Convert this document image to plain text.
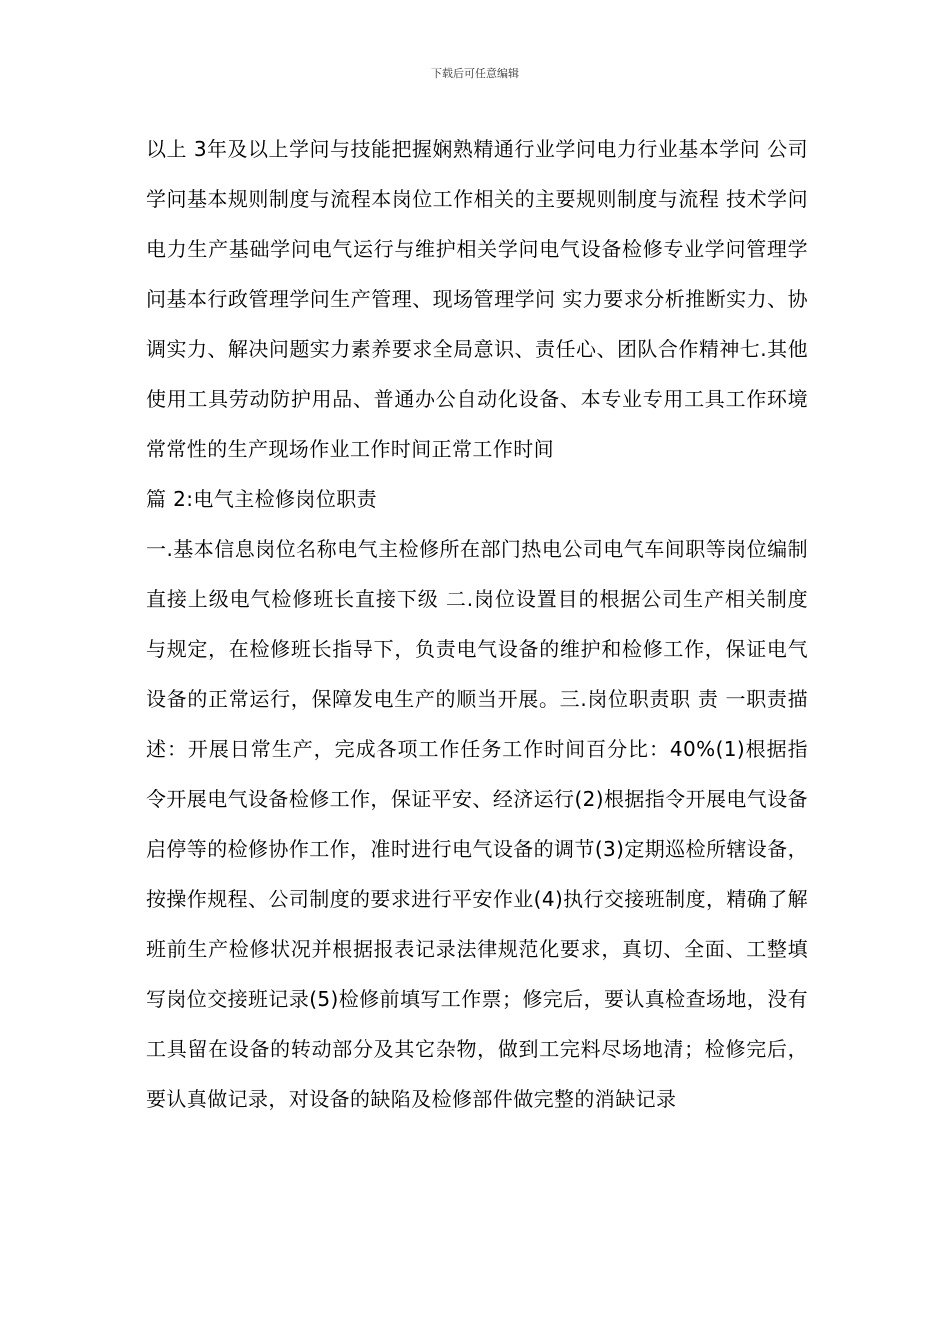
下载后可任意编辑

以上 3年及以上学问与技能把握娴熟精通行业学问电力行业基本学问 公司学问基本规则制度与流程本岗位工作相关的主要规则制度与流程 技术学问电力生产基础学问电气运行与维护相关学问电气设备检修专业学问管理学问基本行政管理学问生产管理、现场管理学问 实力要求分析推断实力、协调实力、解决问题实力素养要求全局意识、责任心、团队合作精神七.其他使用工具劳动防护用品、普通办公自动化设备、本专业专用工具工作环境常常性的生产现场作业工作时间正常工作时间

篇 2:电气主检修岗位职责

一.基本信息岗位名称电气主检修所在部门热电公司电气车间职等岗位编制直接上级电气检修班长直接下级 二.岗位设置目的根据公司生产相关制度与规定，在检修班长指导下，负责电气设备的维护和检修工作，保证电气设备的正常运行，保障发电生产的顺当开展。三.岗位职责职 责 一职责描述：开展日常生产，完成各项工作任务工作时间百分比：40%(1)根据指令开展电气设备检修工作，保证平安、经济运行(2)根据指令开展电气设备启停等的检修协作工作，准时进行电气设备的调节(3)定期巡检所辖设备，按操作规程、公司制度的要求进行平安作业(4)执行交接班制度，精确了解班前生产检修状况并根据报表记录法律规范化要求，真切、全面、工整填写岗位交接班记录(5)检修前填写工作票；修完后，要认真检查场地，没有工具留在设备的转动部分及其它杂物，做到工完料尽场地清；检修完后，要认真做记录，对设备的缺陷及检修部件做完整的消缺记录
